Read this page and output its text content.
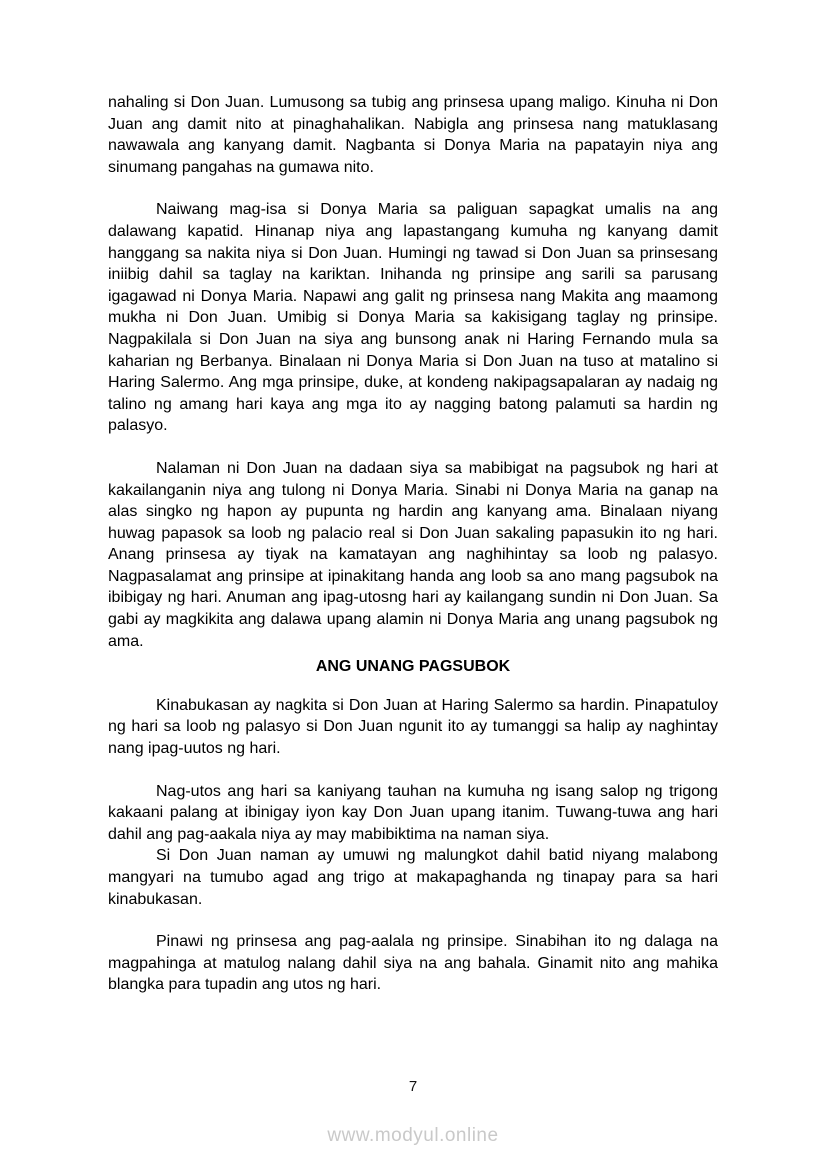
nahaling si Don Juan. Lumusong sa tubig ang prinsesa upang maligo. Kinuha ni Don Juan ang damit nito at pinaghahalikan. Nabigla ang prinsesa nang matuklasang nawawala ang kanyang damit. Nagbanta si Donya Maria na papatayin niya ang sinumang pangahas na gumawa nito.

Naiwang mag-isa si Donya Maria sa paliguan sapagkat umalis na ang dalawang kapatid. Hinanap niya ang lapastangang kumuha ng kanyang damit hanggang sa nakita niya si Don Juan. Humingi ng tawad si Don Juan sa prinsesang iniibig dahil sa taglay na kariktan. Inihanda ng prinsipe ang sarili sa parusang igagawad ni Donya Maria. Napawi ang galit ng prinsesa nang Makita ang maamong mukha ni Don Juan. Umibig si Donya Maria sa kakisigang taglay ng prinsipe. Nagpakilala si Don Juan na siya ang bunsong anak ni Haring Fernando mula sa kaharian ng Berbanya. Binalaan ni Donya Maria si Don Juan na tuso at matalino si Haring Salermo. Ang mga prinsipe, duke, at kondeng nakipagsapalaran ay nadaig ng talino ng amang hari kaya ang mga ito ay nagging batong palamuti sa hardin ng palasyo.

Nalaman ni Don Juan na dadaan siya sa mabibigat na pagsubok ng hari at kakailanganin niya ang tulong ni Donya Maria. Sinabi ni Donya Maria na ganap na alas singko ng hapon ay pupunta ng hardin ang kanyang ama. Binalaan niyang huwag papasok sa loob ng palacio real si Don Juan sakaling papasukin ito ng hari. Anang prinsesa ay tiyak na kamatayan ang naghihintay sa loob ng palasyo. Nagpasalamat ang prinsipe at ipinakitang handa ang loob sa ano mang pagsubok na ibibigay ng hari. Anuman ang ipag-utosng hari ay kailangang sundin ni Don Juan. Sa gabi ay magkikita ang dalawa upang alamin ni Donya Maria ang unang pagsubok ng ama.

ANG UNANG PAGSUBOK

Kinabukasan ay nagkita si Don Juan at Haring Salermo sa hardin. Pinapatuloy ng hari sa loob ng palasyo si Don Juan ngunit ito ay tumanggi sa halip ay naghintay nang ipag-uutos ng hari.

Nag-utos ang hari sa kaniyang tauhan na kumuha ng isang salop ng trigong kakaani palang at ibinigay iyon kay Don Juan upang itanim. Tuwang-tuwa ang hari dahil ang pag-aakala niya ay may mabibiktima na naman siya.

Si Don Juan naman ay umuwi ng malungkot dahil batid niyang malabong mangyari na tumubo agad ang trigo at makapaghanda ng tinapay para sa hari kinabukasan.

Pinawi ng prinsesa ang pag-aalala ng prinsipe. Sinabihan ito ng dalaga na magpahinga at matulog nalang dahil siya na ang bahala. Ginamit nito ang mahika blangka para tupadin ang utos ng hari.

7
www.modyul.online
